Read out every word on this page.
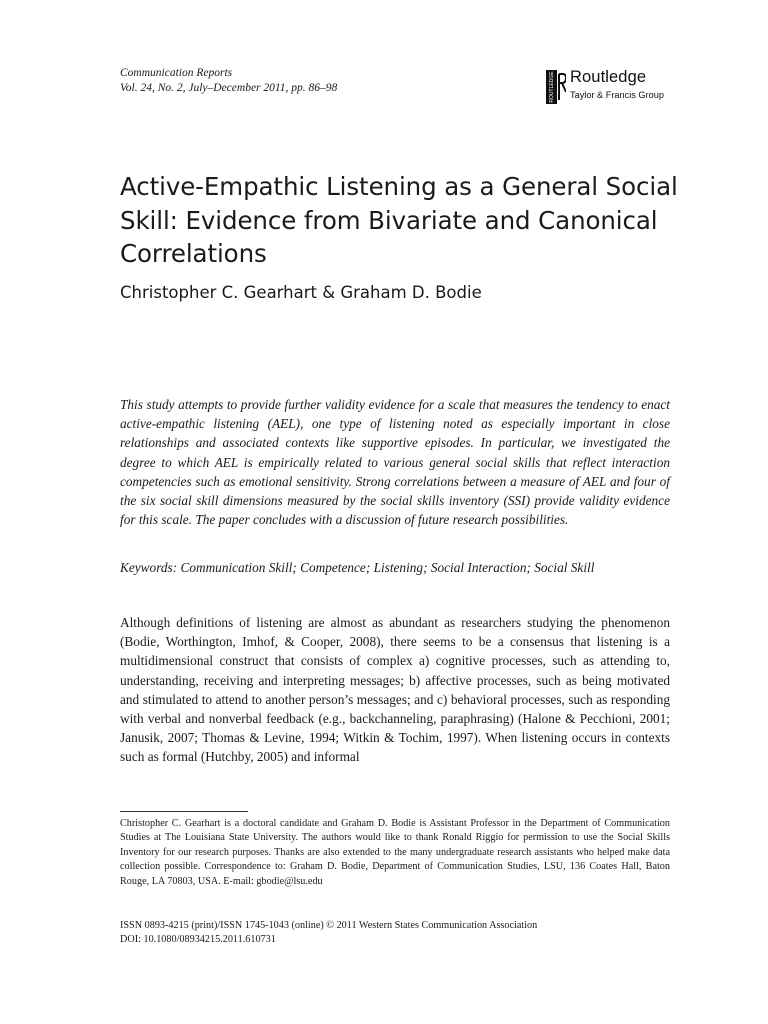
Communication Reports
Vol. 24, No. 2, July–December 2011, pp. 86–98	ROUTLEDGE Routledge
Taylor & Francis Group
Active-Empathic Listening as a General Social Skill: Evidence from Bivariate and Canonical Correlations
Christopher C. Gearhart & Graham D. Bodie

This study attempts to provide further validity evidence for a scale that measures the tendency to enact active-empathic listening (AEL), one type of listening noted as especially important in close relationships and associated contexts like supportive episodes. In particular, we investigated the degree to which AEL is empirically related to various general social skills that reflect interaction competencies such as emotional sensitivity. Strong correlations between a measure of AEL and four of the six social skill dimensions measured by the social skills inventory (SSI) provide validity evidence for this scale. The paper concludes with a discussion of future research possibilities.

Keywords: Communication Skill; Competence; Listening; Social Interaction; Social Skill

Although definitions of listening are almost as abundant as researchers studying the phenomenon (Bodie, Worthington, Imhof, & Cooper, 2008), there seems to be a consensus that listening is a multidimensional construct that consists of complex a) cognitive processes, such as attending to, understanding, receiving and interpreting messages; b) affective processes, such as being motivated and stimulated to attend to another person’s messages; and c) behavioral processes, such as responding with verbal and nonverbal feedback (e.g., backchanneling, paraphrasing) (Halone & Pecchioni, 2001; Janusik, 2007; Thomas & Levine, 1994; Witkin & Tochim, 1997). When listening occurs in contexts such as formal (Hutchby, 2005) and informal

Christopher C. Gearhart is a doctoral candidate and Graham D. Bodie is Assistant Professor in the Department of Communication Studies at The Louisiana State University. The authors would like to thank Ronald Riggio for permission to use the Social Skills Inventory for our research purposes. Thanks are also extended to the many undergraduate research assistants who helped make data collection possible. Correspondence to: Graham D. Bodie, Department of Communication Studies, LSU, 136 Coates Hall, Baton Rouge, LA 70803, USA. E-mail: gbodie@lsu.edu

ISSN 0893-4215 (print)/ISSN 1745-1043 (online) © 2011 Western States Communication Association
DOI: 10.1080/08934215.2011.610731
